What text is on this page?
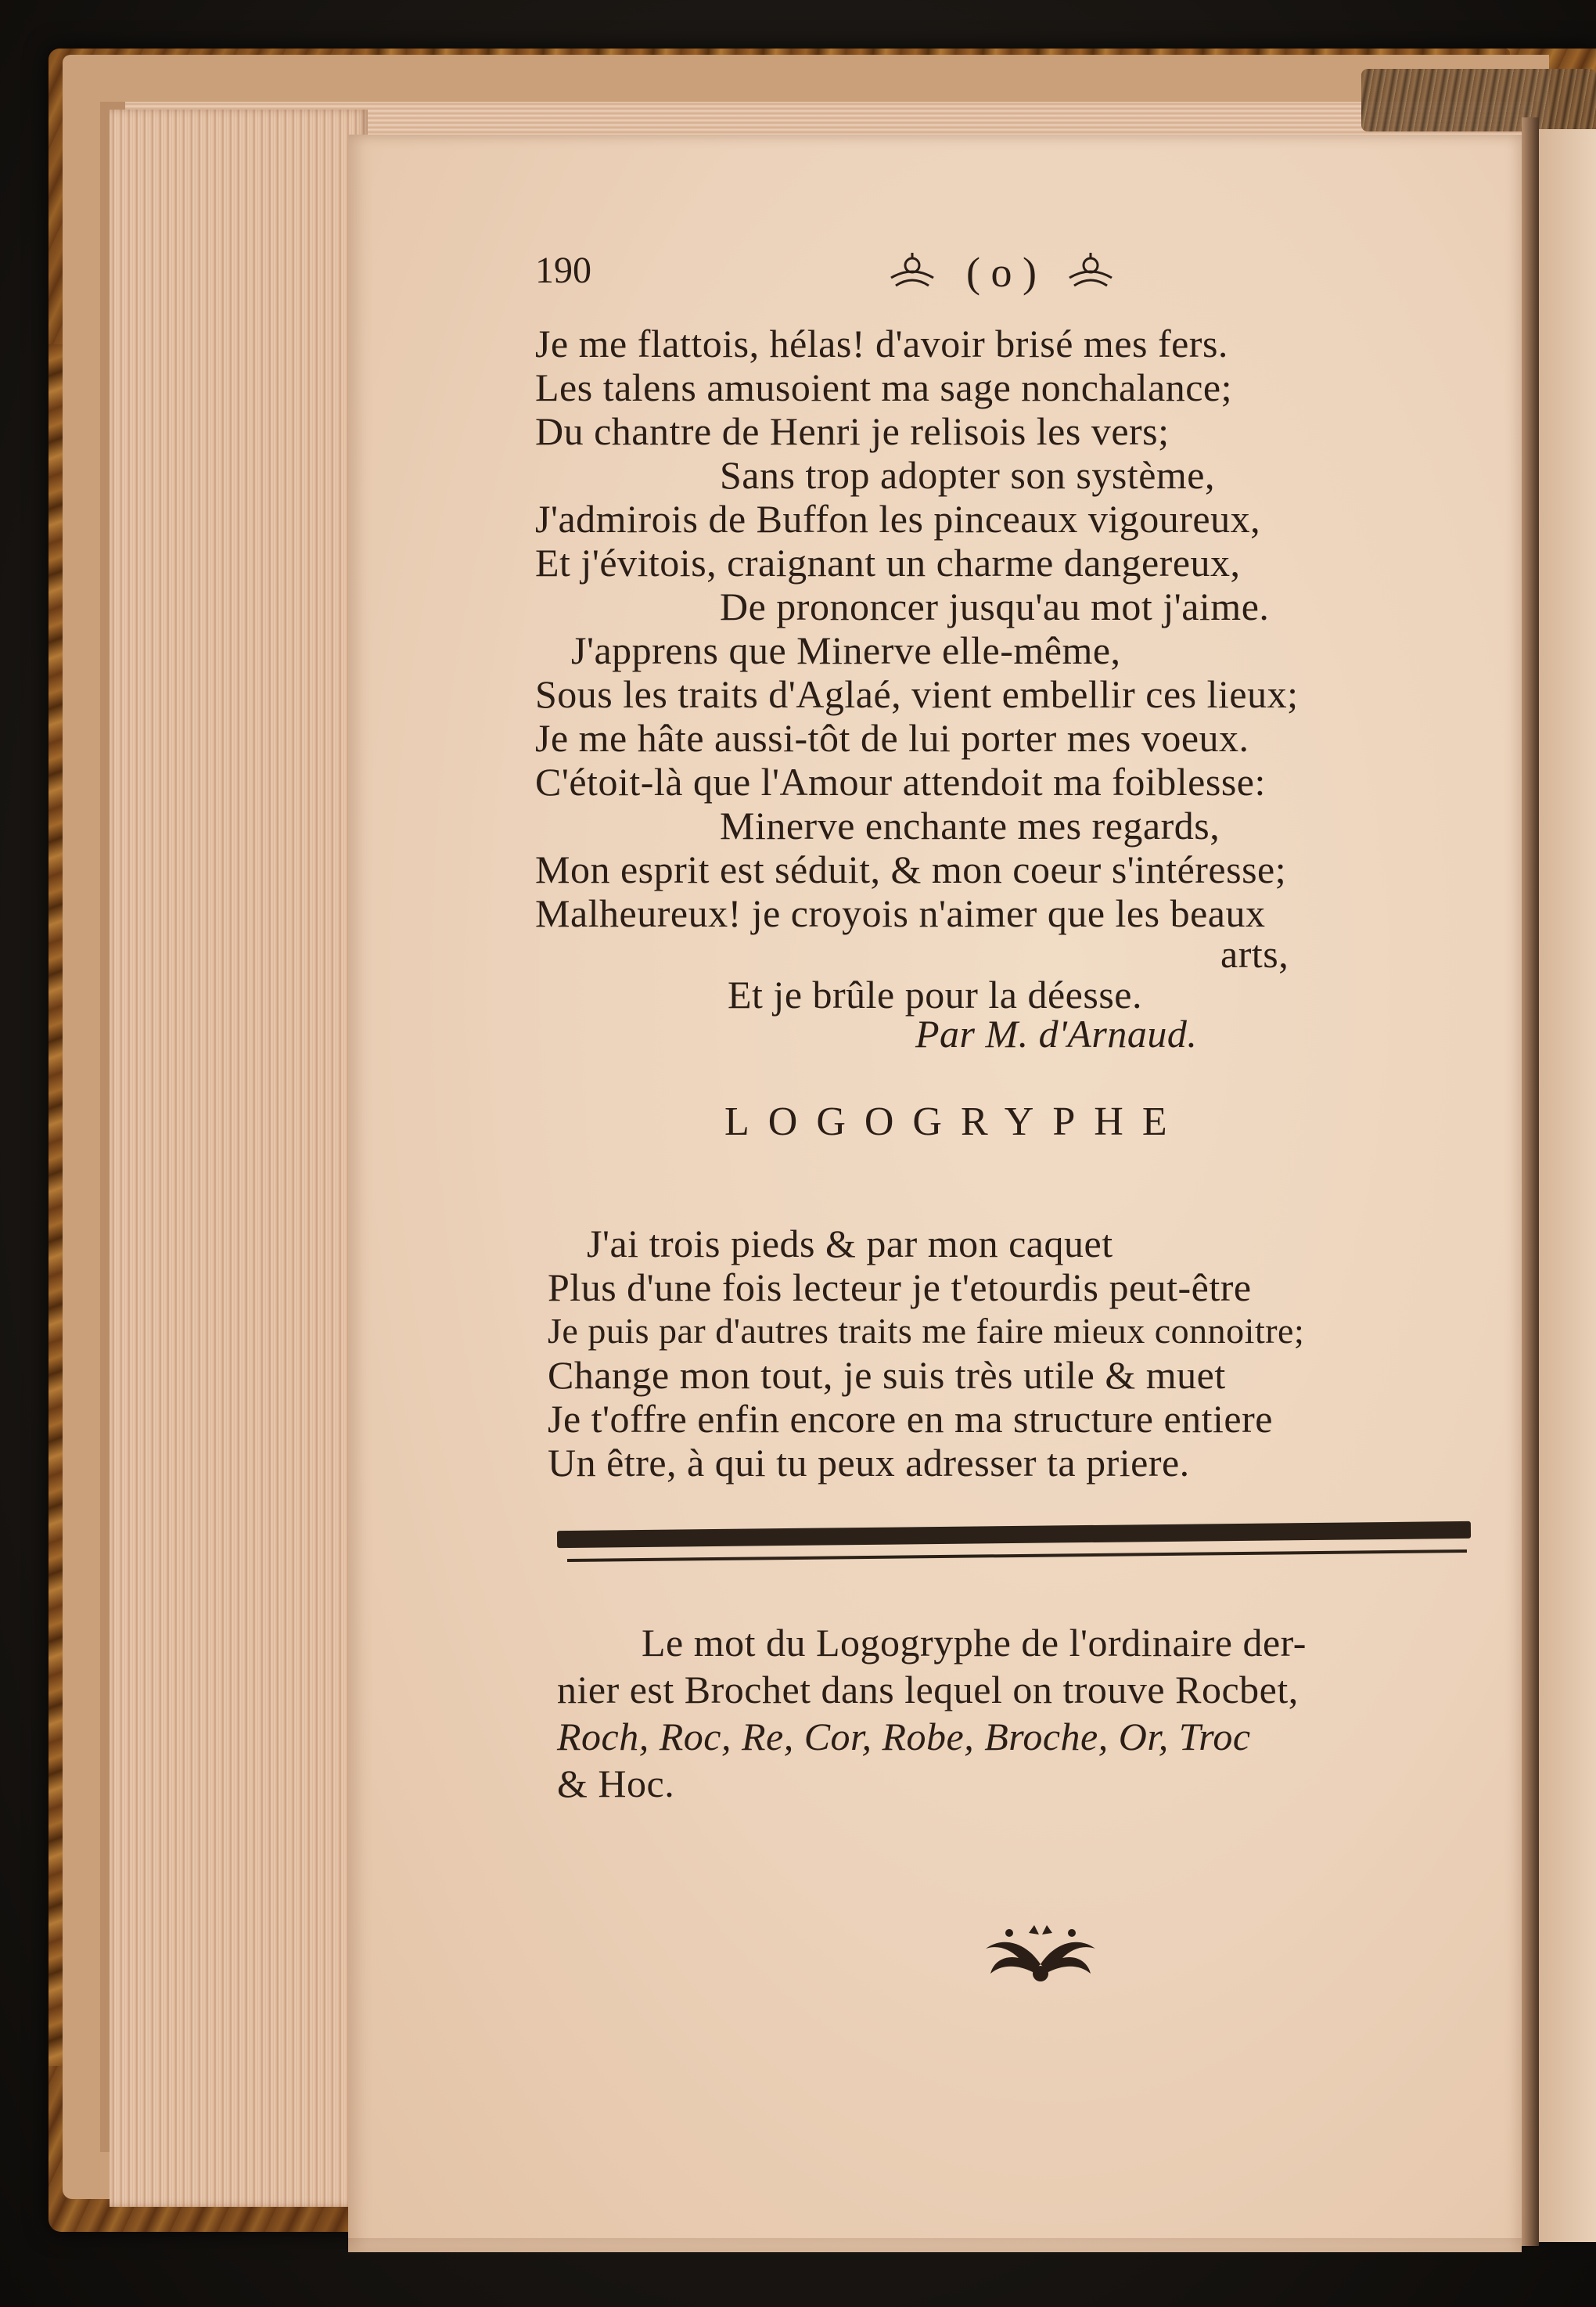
190	( o )
Je me flattois, hélas! d'avoir brisé mes fers.
Les talens amusoient ma sage nonchalance;
Du chantre de Henri je relisois les vers;
Sans trop adopter son système,
J'admirois de Buffon les pinceaux vigoureux,
Et j'évitois, craignant un charme dangereux,
De prononcer jusqu'au mot j'aime.
J'apprens que Minerve elle-même,
Sous les traits d'Aglaé, vient embellir ces lieux;
Je me hâte aussi-tôt de lui porter mes voeux.
C'étoit-là que l'Amour attendoit ma foiblesse:
Minerve enchante mes regards,
Mon esprit est séduit, & mon coeur s'intéresse;
Malheureux! je croyois n'aimer que les beaux
arts,
Et je brûle pour la déesse.
Par M. d'Arnaud.
LOGOGRYPHE
J'ai trois pieds & par mon caquet
Plus d'une fois lecteur je t'etourdis peut-être
Je puis par d'autres traits me faire mieux connoitre;
Change mon tout, je suis très utile & muet
Je t'offre enfin encore en ma structure entiere
Un être, à qui tu peux adresser ta priere.
Le mot du Logogryphe de l'ordinaire der-
nier est Brochet dans lequel on trouve Rocbet,
Roch, Roc, Re, Cor, Robe, Broche, Or, Troc
& Hoc.
